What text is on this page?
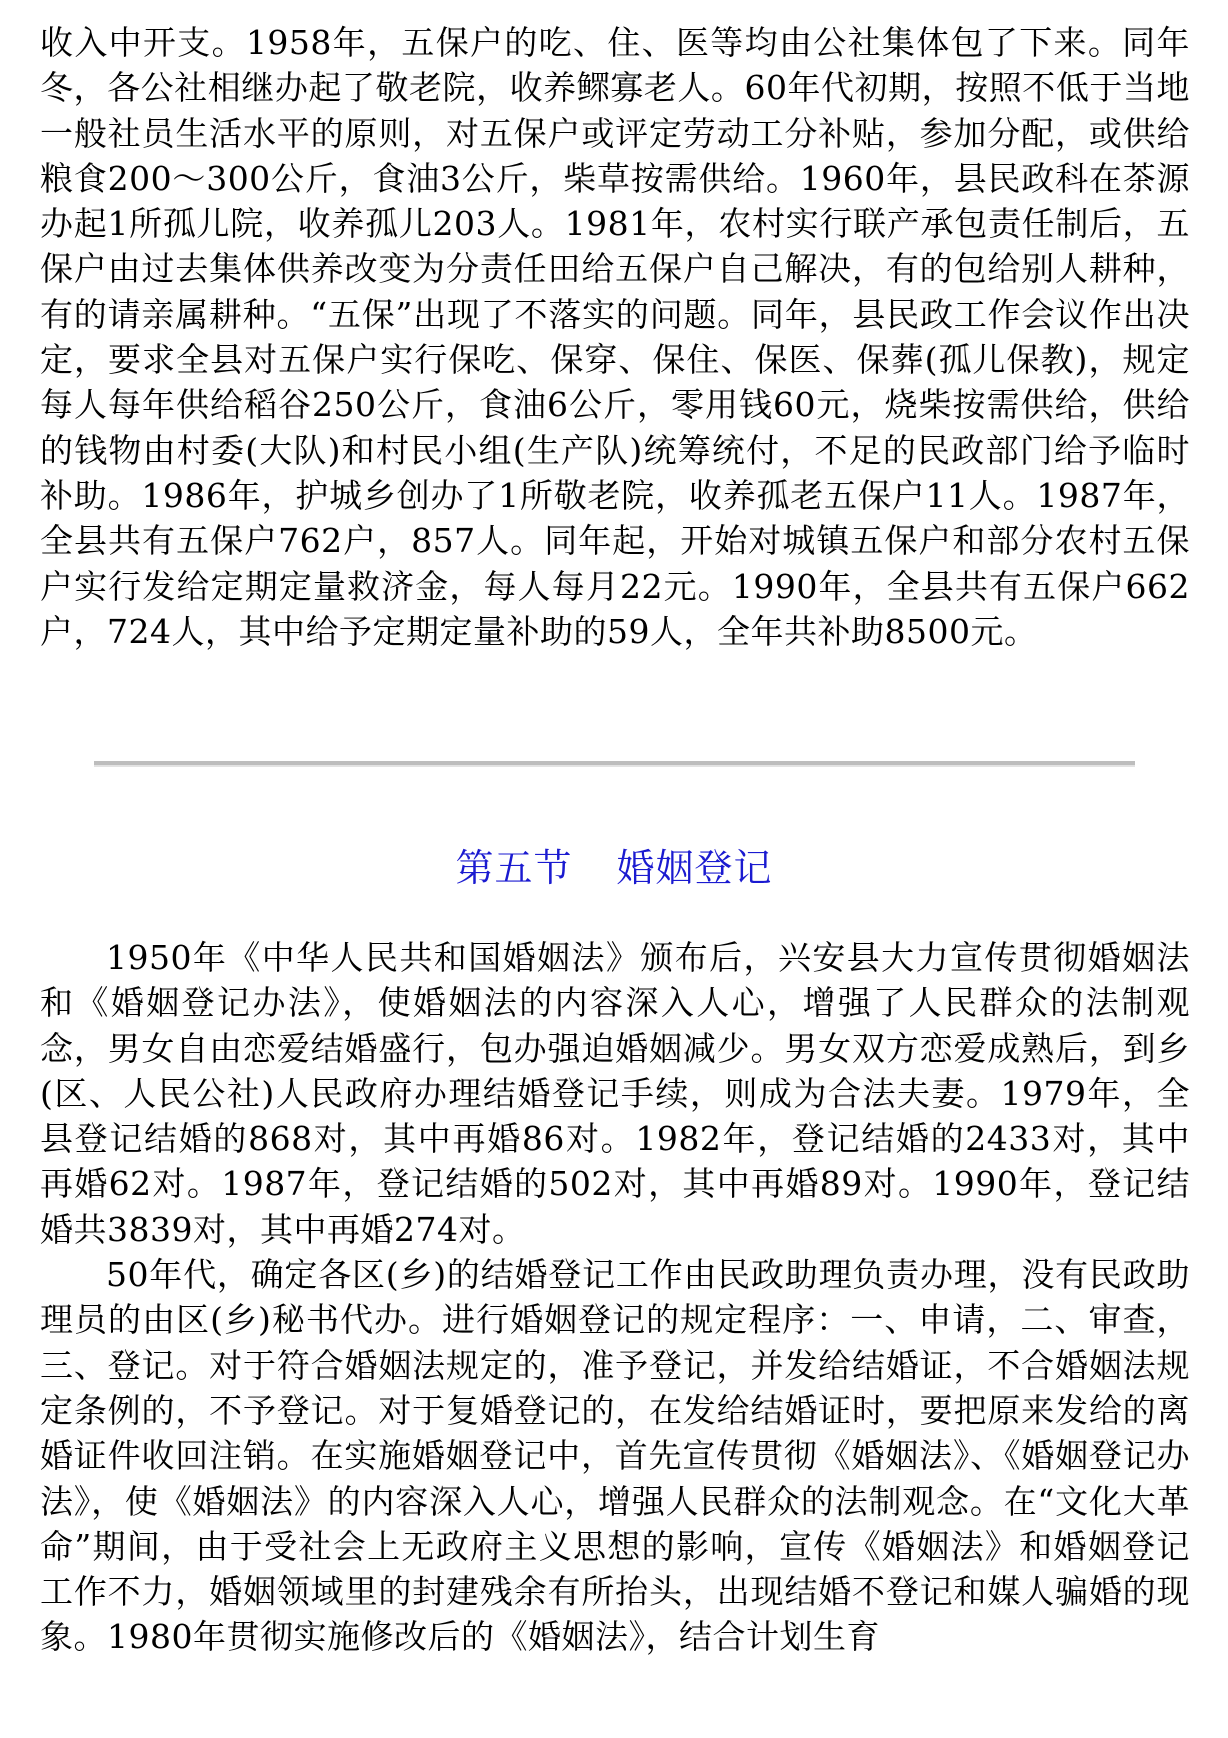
收入中开支。1958年，五保户的吃、住、医等均由公社集体包了下来。同年冬，各公社相继办起了敬老院，收养鳏寡老人。60年代初期，按照不低于当地一般社员生活水平的原则，对五保户或评定劳动工分补贴，参加分配，或供给粮食200～300公斤，食油3公斤，柴草按需供给。1960年，县民政科在茶源办起1所孤儿院，收养孤儿203人。1981年，农村实行联产承包责任制后，五保户由过去集体供养改变为分责任田给五保户自己解决，有的包给别人耕种，有的请亲属耕种。“五保”出现了不落实的问题。同年，县民政工作会议作出决定，要求全县对五保户实行保吃、保穿、保住、保医、保葬(孤儿保教)，规定每人每年供给稻谷250公斤，食油6公斤，零用钱60元，烧柴按需供给，供给的钱物由村委(大队)和村民小组(生产队)统筹统付，不足的民政部门给予临时补助。1986年，护城乡创办了1所敬老院，收养孤老五保户11人。1987年，全县共有五保户762户，857人。同年起，开始对城镇五保户和部分农村五保户实行发给定期定量救济金，每人每月22元。1990年，全县共有五保户662户，724人，其中给予定期定量补助的59人，全年共补助8500元。

第五节 婚姻登记

1950年《中华人民共和国婚姻法》颁布后，兴安县大力宣传贯彻婚姻法和《婚姻登记办法》，使婚姻法的内容深入人心，增强了人民群众的法制观念，男女自由恋爱结婚盛行，包办强迫婚姻减少。男女双方恋爱成熟后，到乡(区、人民公社)人民政府办理结婚登记手续，则成为合法夫妻。1979年，全县登记结婚的868对，其中再婚86对。1982年，登记结婚的2433对，其中再婚62对。1987年，登记结婚的502对，其中再婚89对。1990年，登记结婚共3839对，其中再婚274对。

50年代，确定各区(乡)的结婚登记工作由民政助理负责办理，没有民政助理员的由区(乡)秘书代办。进行婚姻登记的规定程序：一、申请，二、审查，三、登记。对于符合婚姻法规定的，准予登记，并发给结婚证，不合婚姻法规定条例的，不予登记。对于复婚登记的，在发给结婚证时，要把原来发给的离婚证件收回注销。在实施婚姻登记中，首先宣传贯彻《婚姻法》、《婚姻登记办法》，使《婚姻法》的内容深入人心，增强人民群众的法制观念。在“文化大革命”期间，由于受社会上无政府主义思想的影响，宣传《婚姻法》和婚姻登记工作不力，婚姻领域里的封建残余有所抬头，出现结婚不登记和媒人骗婚的现象。1980年贯彻实施修改后的《婚姻法》，结合计划生育
